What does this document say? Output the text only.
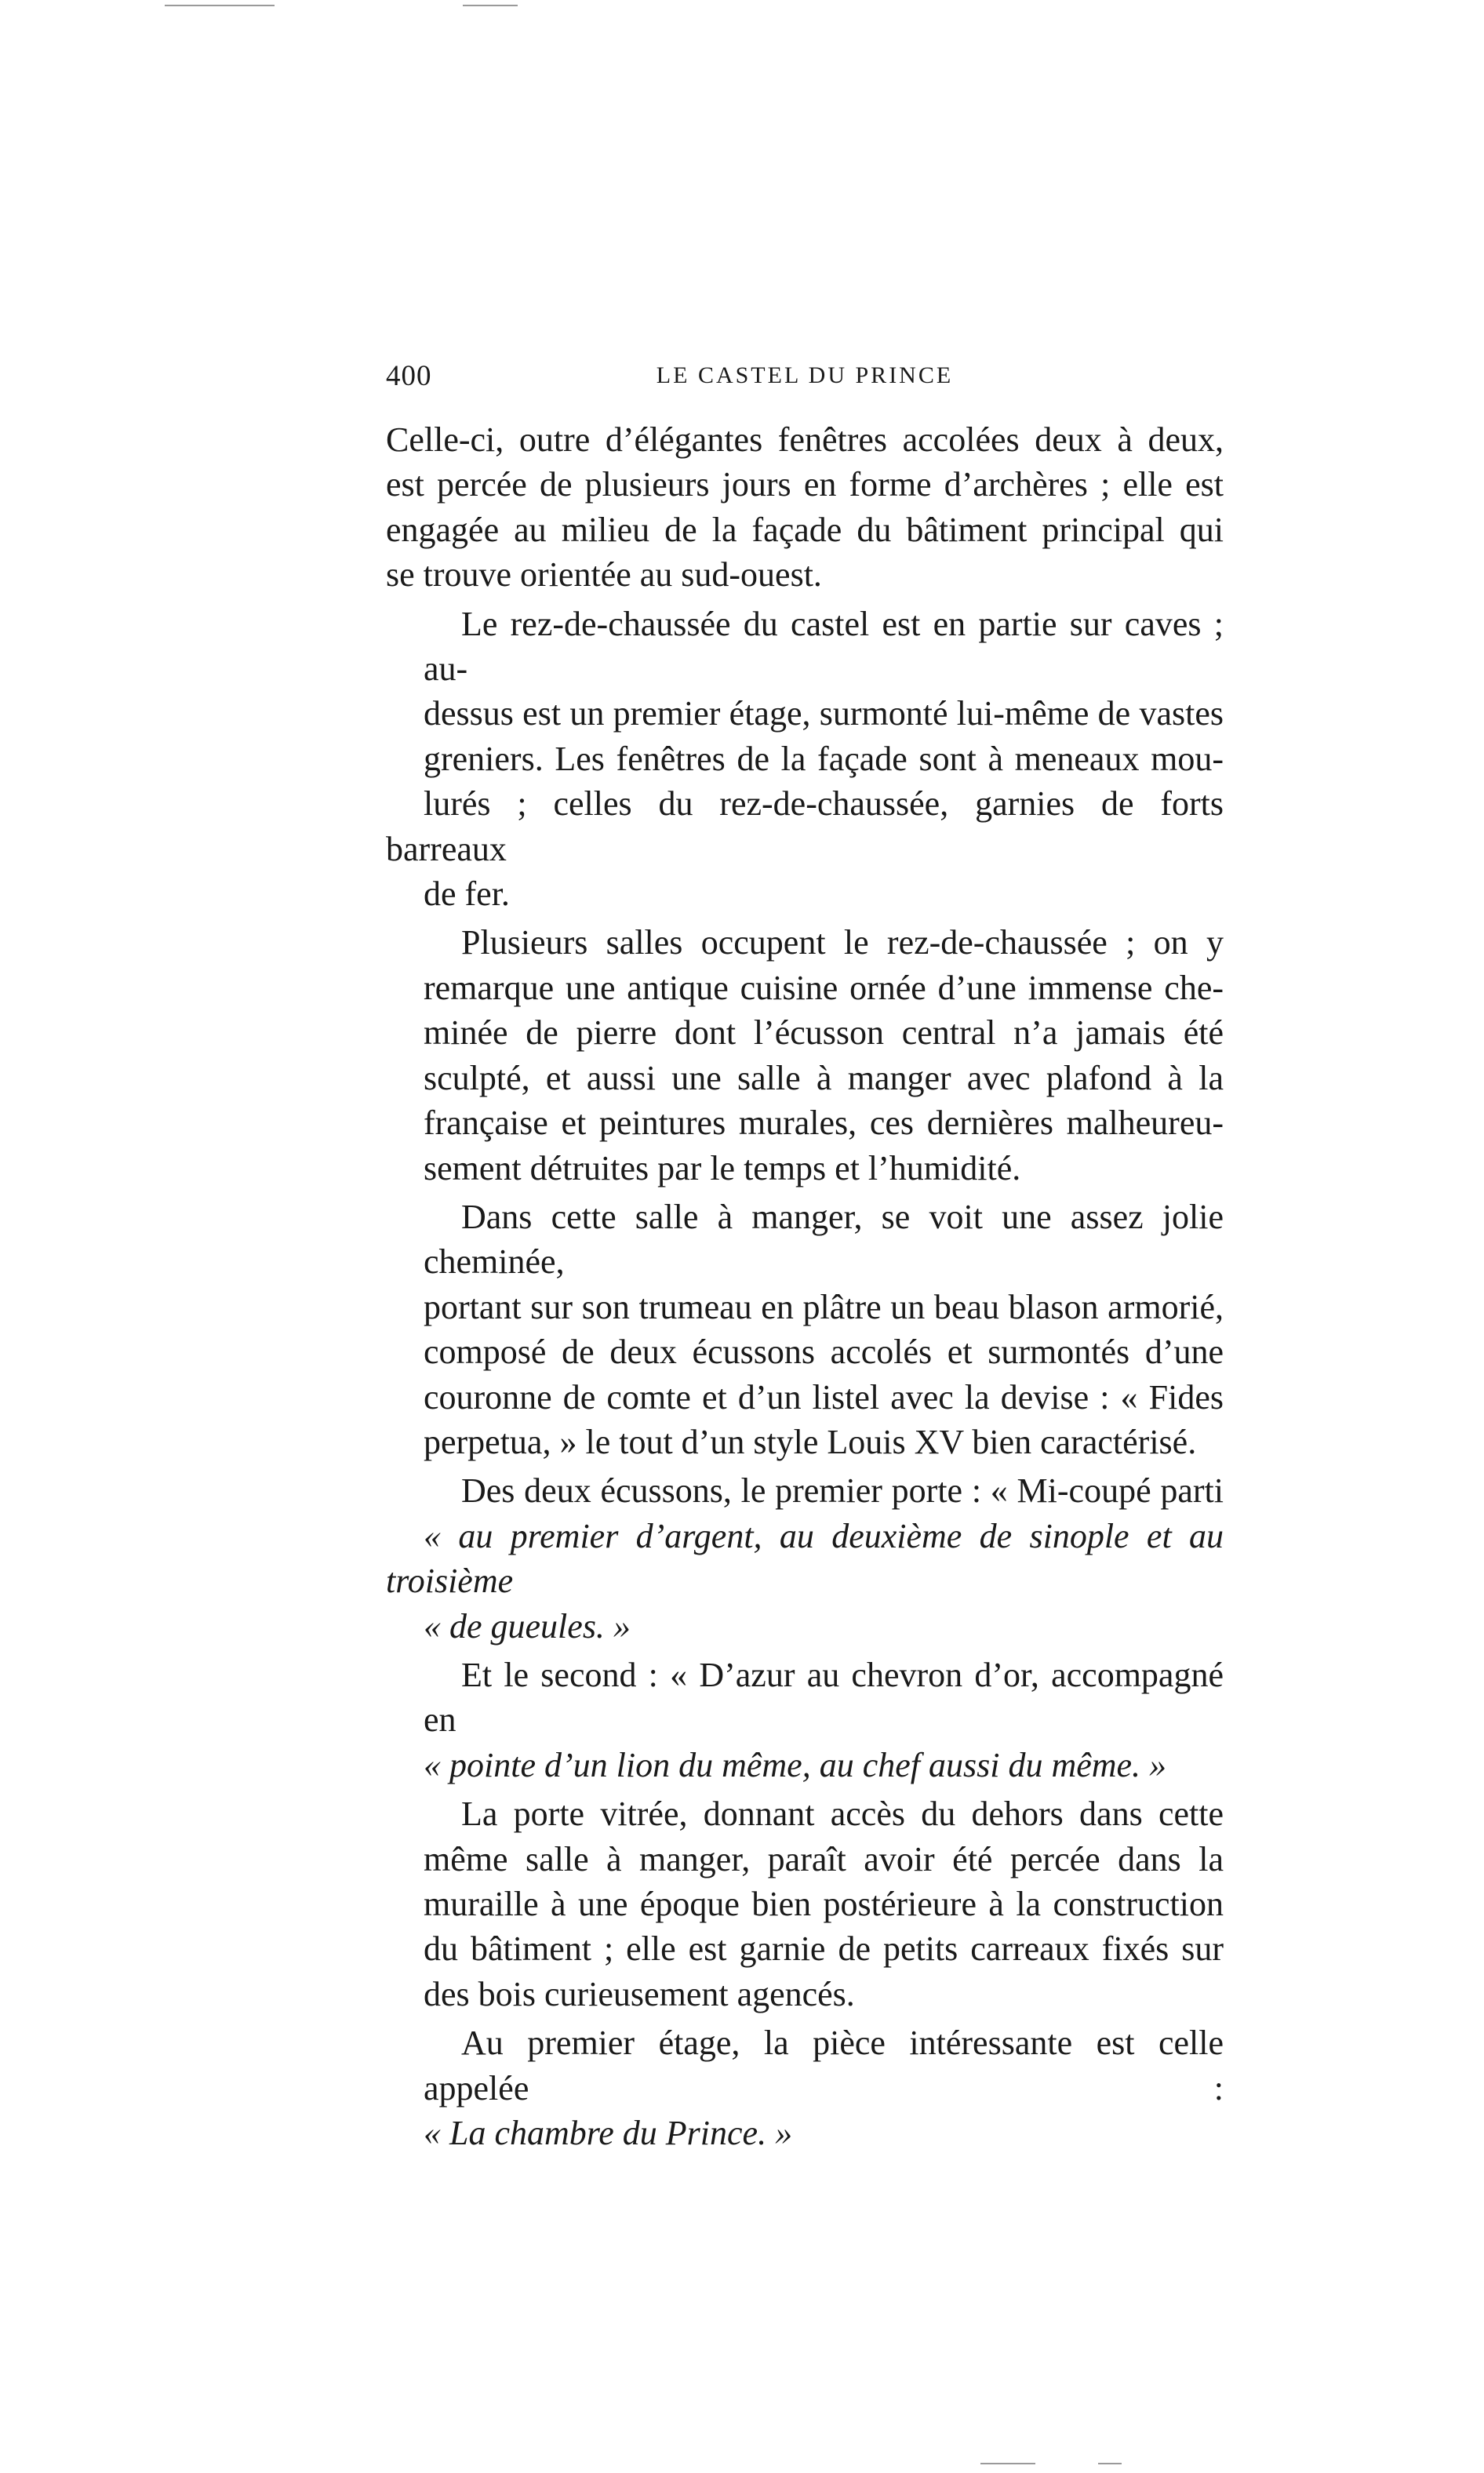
400	LE CASTEL DU PRINCE

Celle-ci, outre d’élégantes fenêtres accolées deux à deux,
est percée de plusieurs jours en forme d’archères ; elle est
engagée au milieu de la façade du bâtiment principal qui
se trouve orientée au sud-ouest.

Le rez-de-chaussée du castel est en partie sur caves ; au-
dessus est un premier étage, surmonté lui-même de vastes
greniers. Les fenêtres de la façade sont à meneaux mou-
lurés ; celles du rez-de-chaussée, garnies de forts barreaux
de fer.

Plusieurs salles occupent le rez-de-chaussée ; on y
remarque une antique cuisine ornée d’une immense che-
minée de pierre dont l’écusson central n’a jamais été
sculpté, et aussi une salle à manger avec plafond à la
française et peintures murales, ces dernières malheureu-
sement détruites par le temps et l’humidité.

Dans cette salle à manger, se voit une assez jolie cheminée,
portant sur son trumeau en plâtre un beau blason armorié,
composé de deux écussons accolés et surmontés d’une
couronne de comte et d’un listel avec la devise : « Fides
perpetua, » le tout d’un style Louis XV bien caractérisé.

Des deux écussons, le premier porte : « Mi-coupé parti
« au premier d’argent, au deuxième de sinople et au troisième
« de gueules. »

Et le second : « D’azur au chevron d’or, accompagné en
« pointe d’un lion du même, au chef aussi du même. »

La porte vitrée, donnant accès du dehors dans cette
même salle à manger, paraît avoir été percée dans la
muraille à une époque bien postérieure à la construction
du bâtiment ; elle est garnie de petits carreaux fixés sur
des bois curieusement agencés.

Au premier étage, la pièce intéressante est celle appelée :
« La chambre du Prince. »
